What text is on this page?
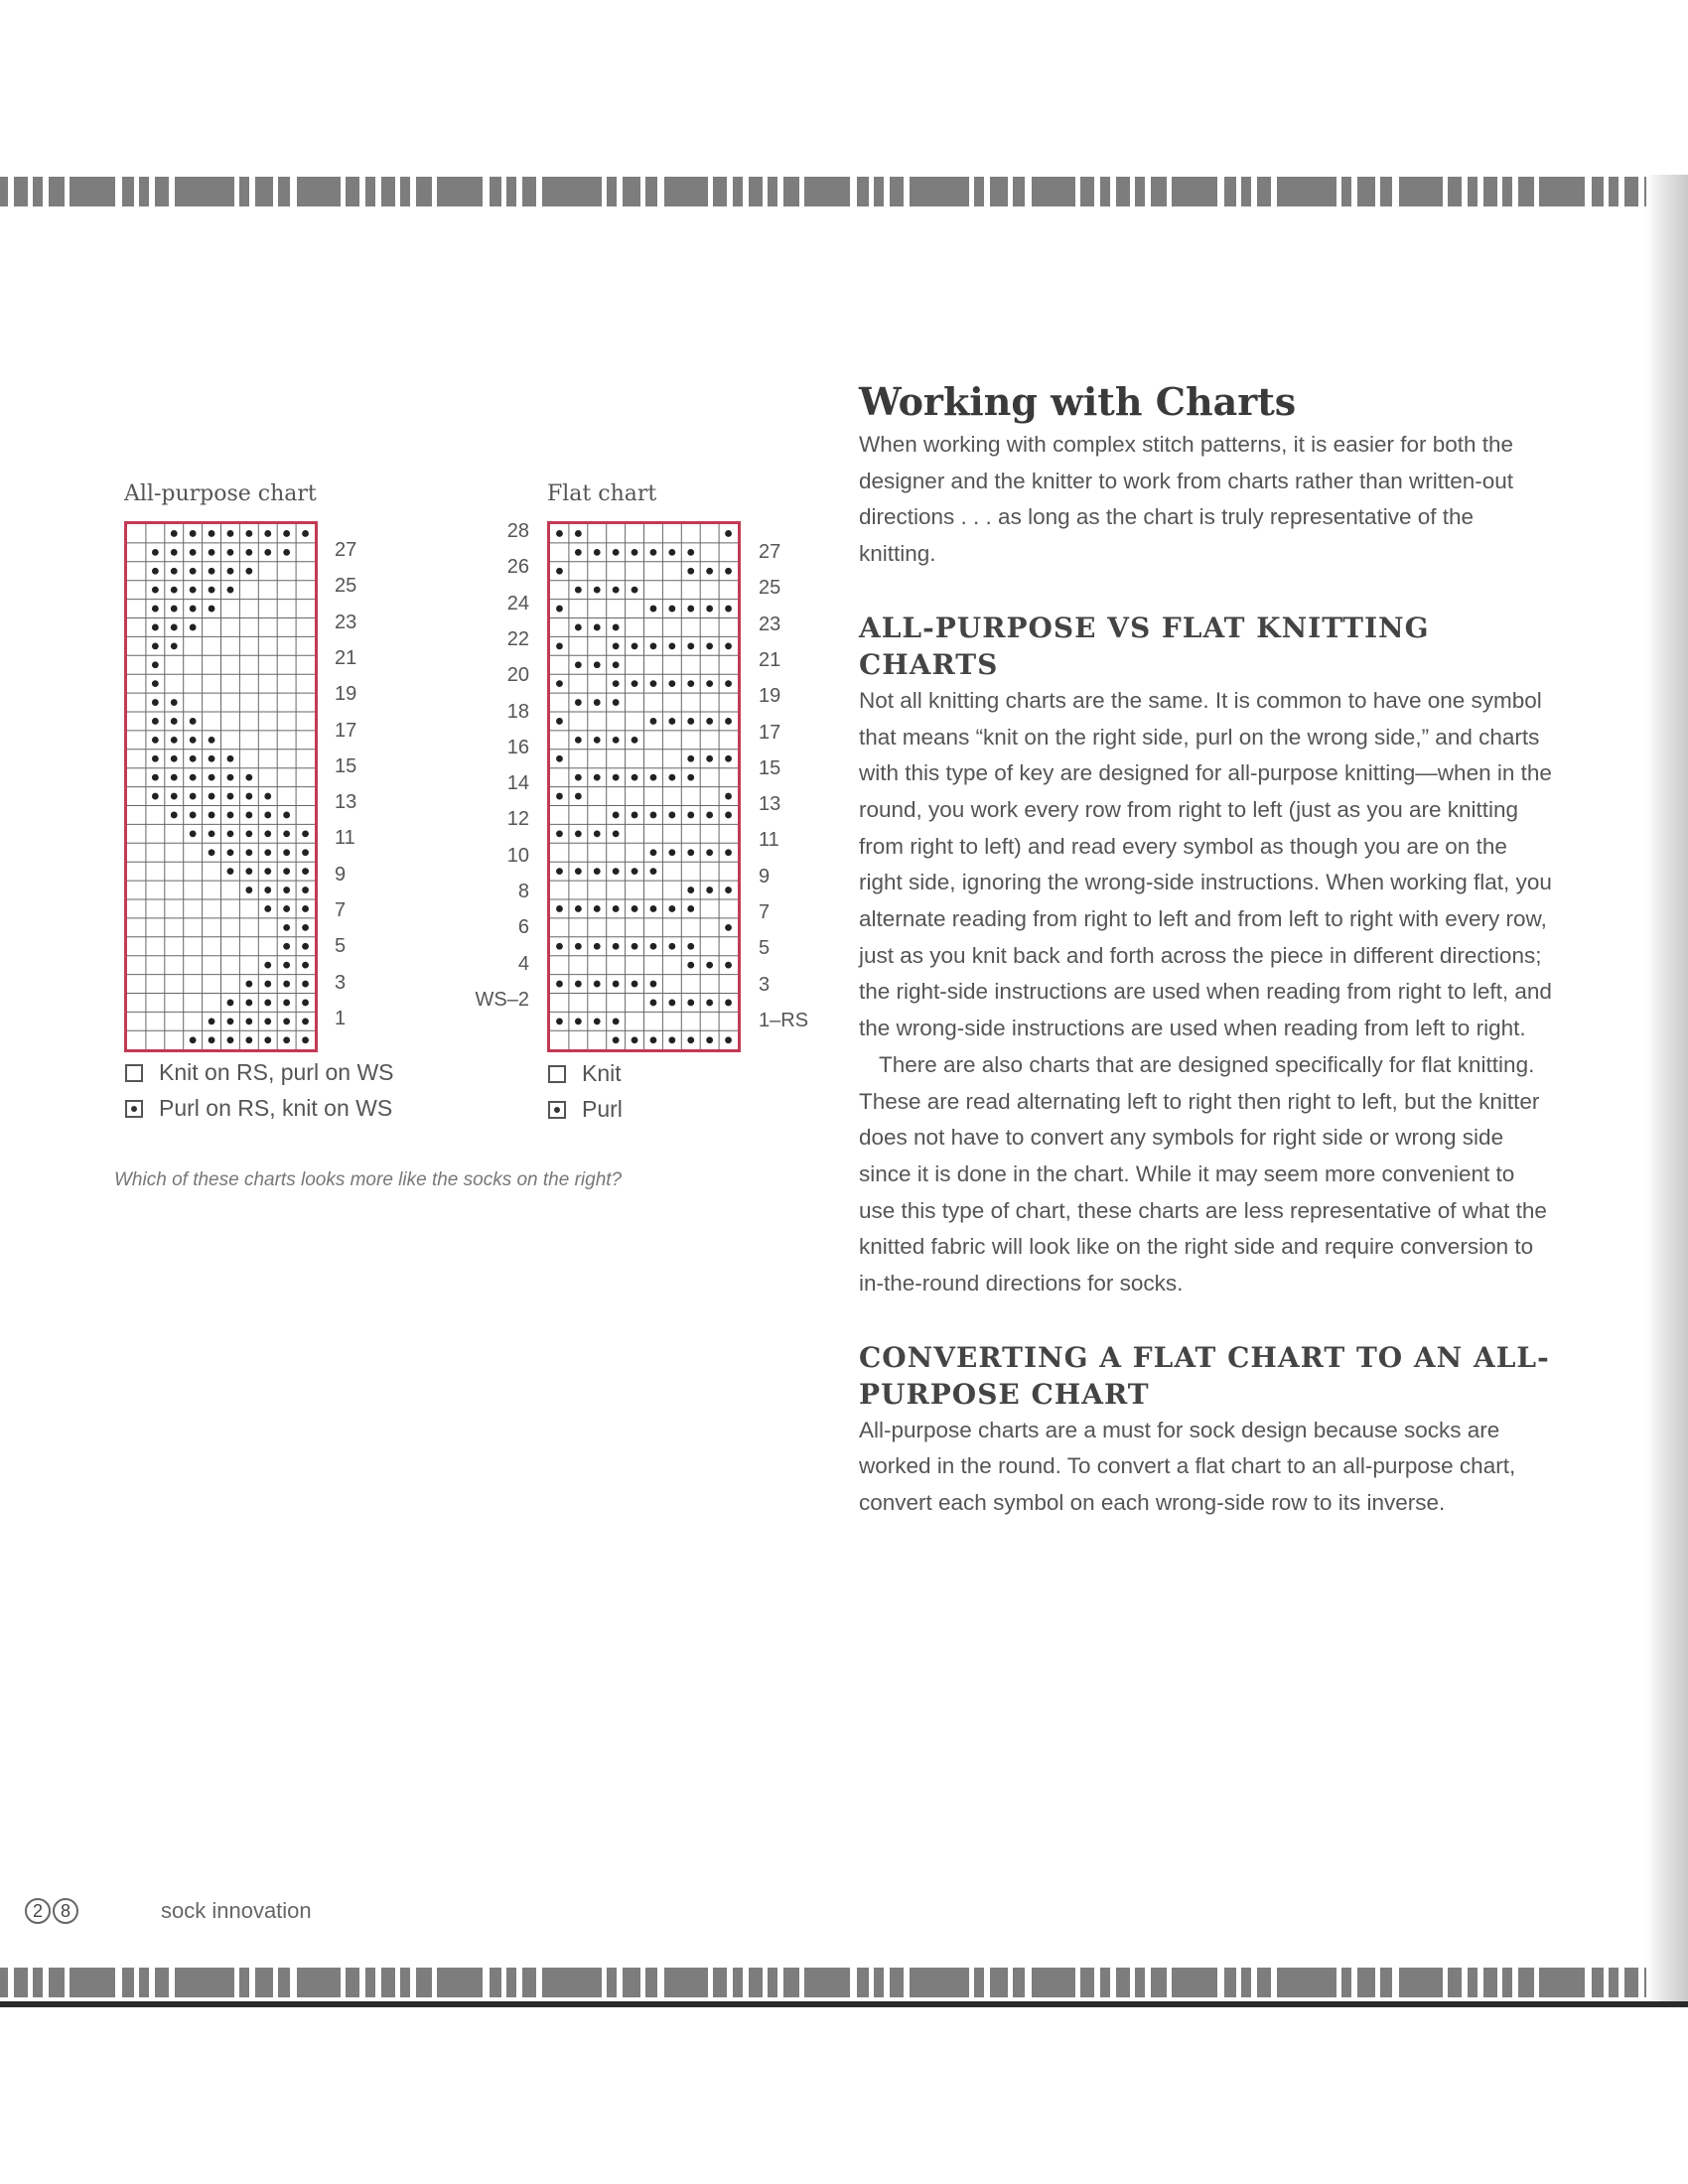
All-purpose chart
27
25
23
21
19
17
15
13
11
9
7
5
3
1
Flat chart
28
26
24
22
20
18
16
14
12
10
8
6
4
WS–2
27
25
23
21
19
17
15
13
11
9
7
5
3
1–RS
Knit on RS, purl on WS
Purl on RS, knit on WS
Knit
Purl
Which of these charts looks more like the socks on the right?
Working with Charts

When working with complex stitch patterns, it is easier for both the designer and the knitter to work from charts rather than written-out directions . . . as long as the chart is truly representative of the knitting.

ALL-PURPOSE VS FLAT KNITTING CHARTS

Not all knitting charts are the same. It is common to have one symbol that means “knit on the right side, purl on the wrong side,” and charts with this type of key are designed for all-purpose knitting—when in the round, you work every row from right to left (just as you are knitting from right to left) and read every symbol as though you are on the right side, ignoring the wrong-side instructions. When working flat, you alternate reading from right to left and from left to right with every row, just as you knit back and forth across the piece in different directions; the right-side instructions are used when reading from right to left, and the wrong-side instructions are used when reading from left to right.

There are also charts that are designed specifically for flat knitting. These are read alternating left to right then right to left, but the knitter does not have to convert any symbols for right side or wrong side since it is done in the chart. While it may seem more convenient to use this type of chart, these charts are less representative of what the knitted fabric will look like on the right side and require conversion to in-the-round directions for socks.

CONVERTING A FLAT CHART TO AN ALL-PURPOSE CHART

All-purpose charts are a must for sock design because socks are worked in the round. To convert a flat chart to an all-purpose chart, convert each symbol on each wrong-side row to its inverse.

2 8	sock innovation
